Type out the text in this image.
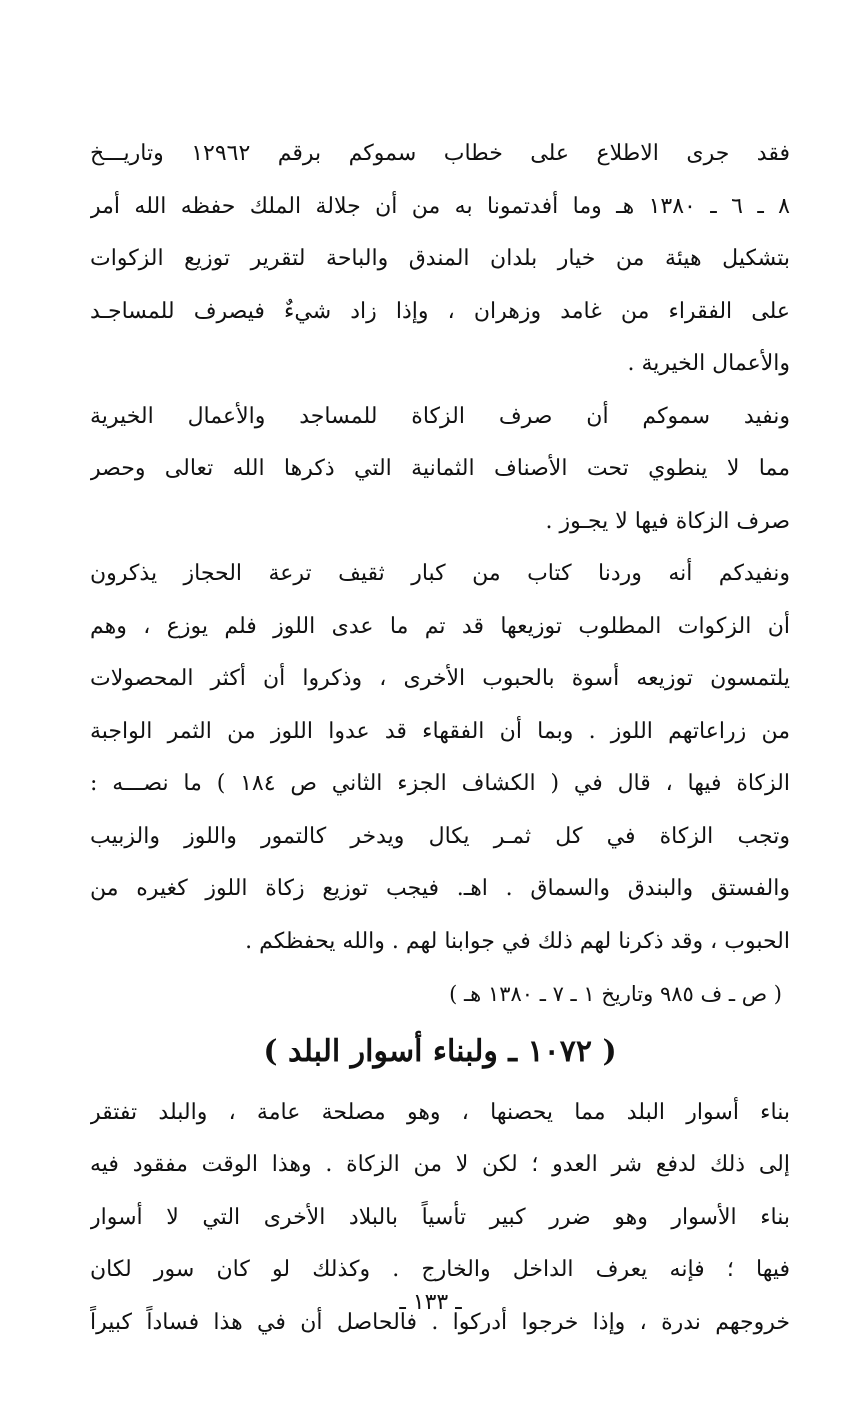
فقد جرى الاطلاع على خطاب سموكم برقم ١٢٩٦٢ وتاريـــخ
٨ ـ ٦ ـ ١٣٨٠ هـ وما أفدتمونا به من أن جلالة الملك حفظه الله أمر
بتشكيل هيئة من خيار بلدان المندق والباحة لتقرير توزيع الزكوات
على الفقراء من غامد وزهران ، وإذا زاد شيءٌ فيصرف للمساجـد
والأعمال الخيرية .
ونفيد سموكم أن صرف الزكاة للمساجد والأعمال الخيرية
مما لا ينطوي تحت الأصناف الثمانية التي ذكرها الله تعالى وحصر
صرف الزكاة فيها لا يجـوز .
ونفيدكم أنه وردنا كتاب من كبار ثقيف ترعة الحجاز يذكرون
أن الزكوات المطلوب توزيعها قد تم ما عدى اللوز فلم يوزع ، وهم
يلتمسون توزيعه أسوة بالحبوب الأخرى ، وذكروا أن أكثر المحصولات
من زراعاتهم اللوز . وبما أن الفقهاء قد عدوا اللوز من الثمر الواجبة
الزكاة فيها ، قال في ( الكشاف الجزء الثاني ص ١٨٤ ) ما نصـــه :
وتجب الزكاة في كل ثمـر يكال ويدخر كالتمور واللوز والزبيب
والفستق والبندق والسماق . اهـ. فيجب توزيع زكاة اللوز كغيره من
الحبوب ، وقد ذكرنا لهم ذلك في جوابنا لهم . والله يحفظكم .
( ص ـ ف ٩٨٥ وتاريخ ١ ـ ٧ ـ ١٣٨٠ هـ )
( ١٠٧٢ ـ ولبناء أسوار البلد )
بناء أسوار البلد مما يحصنها ، وهو مصلحة عامة ، والبلد تفتقر
إلى ذلك لدفع شر العدو ؛ لكن لا من الزكاة . وهذا الوقت مفقود فيه
بناء الأسوار وهو ضرر كبير تأسياً بالبلاد الأخرى التي لا أسوار
فيها ؛ فإنه يعرف الداخل والخارج . وكذلك لو كان سور لكان
خروجهم ندرة ، وإذا خرجوا أدركوا . فالحاصل أن في هذا فساداً كبيراً
ـ ١٣٣ ـ
